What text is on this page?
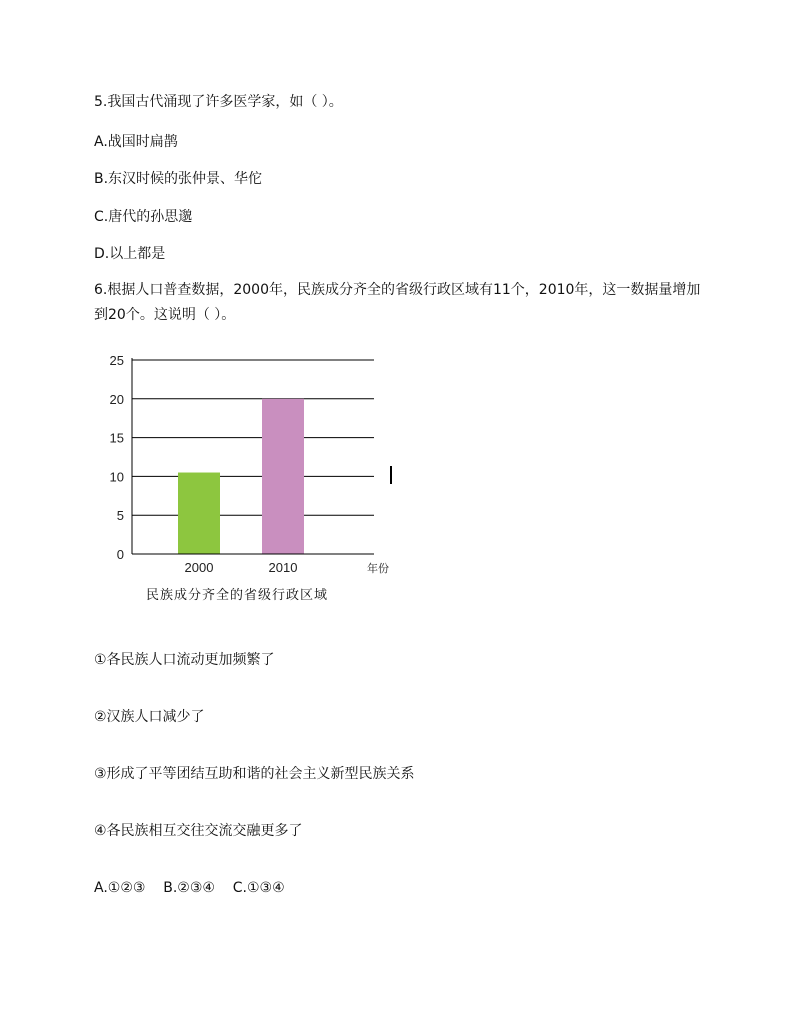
5.我国古代涌现了许多医学家，如（ ）。
A.战国时扁鹊
B.东汉时候的张仲景、华佗
C.唐代的孙思邈
D.以上都是
6.根据人口普查数据，2000年，民族成分齐全的省级行政区域有11个，2010年，这一数据量增加到20个。这说明（ ）。
0
5
10
15
20
25
2000	2010	年份
民族成分齐全的省级行政区域
①各民族人口流动更加频繁了
②汉族人口减少了
③形成了平等团结互助和谐的社会主义新型民族关系
④各民族相互交往交流交融更多了
A.①②③    B.②③④    C.①③④
